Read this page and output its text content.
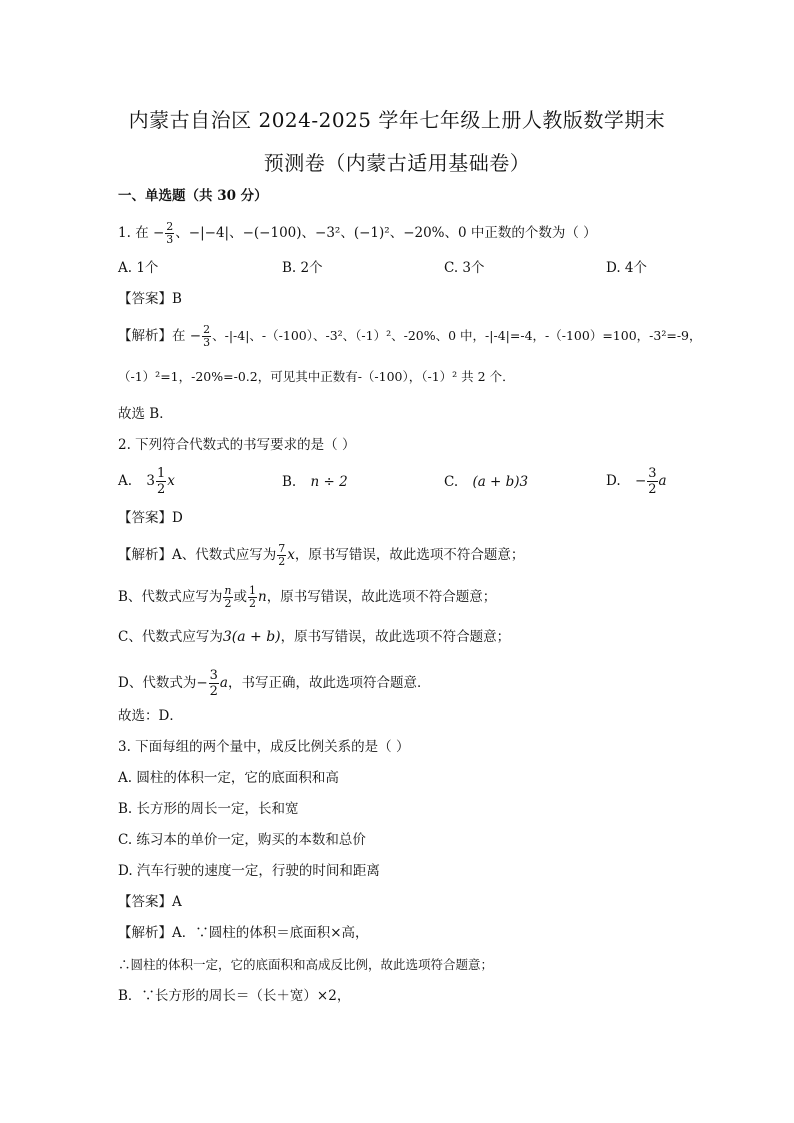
内蒙古自治区 2024-2025 学年七年级上册人教版数学期末
预测卷（内蒙古适用基础卷）
一、单选题（共 30 分）
1. 在 − $\frac{2}{3}$ 、−|−4|、−(−100)、−3²、(−1)²、−20%、0 中正数的个数为（ ）
A. 1个	B. 2个	C. 3个	D. 4个
【答案】B
【解析】在 − $\frac{2}{3}$ 、-|-4|、-（-100）、-3²、（-1）²、-20%、0 中，-|-4|=-4，-（-100）=100，-3²=-9，
（-1）²=1，-20%=-0.2，可见其中正数有-（-100），（-1）² 共 2 个．
故选 B．
2. 下列符合代数式的书写要求的是（ ）
A. $3 \frac{1}{2}$ x	B. n ÷ 2	C. (a + b)3	D. − $\frac{3}{2}$ a
【答案】D
【解析】A、代数式应写为 $\frac{7}{2}$ x，原书写错误，故此选项不符合题意；
B、代数式应写为 $\frac{n}{2}$ 或 $\frac{1}{2}$ n，原书写错误，故此选项不符合题意；
C、代数式应写为3(a + b)，原书写错误，故此选项不符合题意；
D、代数式为− $\frac{3}{2}$ a，书写正确，故此选项符合题意．
故选：D．
3. 下面每组的两个量中，成反比例关系的是（ ）
A. 圆柱的体积一定，它的底面积和高
B. 长方形的周长一定，长和宽
C. 练习本的单价一定，购买的本数和总价
D. 汽车行驶的速度一定，行驶的时间和距离
【答案】A
【解析】A．∵圆柱的体积＝底面积×高，
∴圆柱的体积一定，它的底面积和高成反比例，故此选项符合题意；
B．∵长方形的周长＝（长＋宽）×2，
